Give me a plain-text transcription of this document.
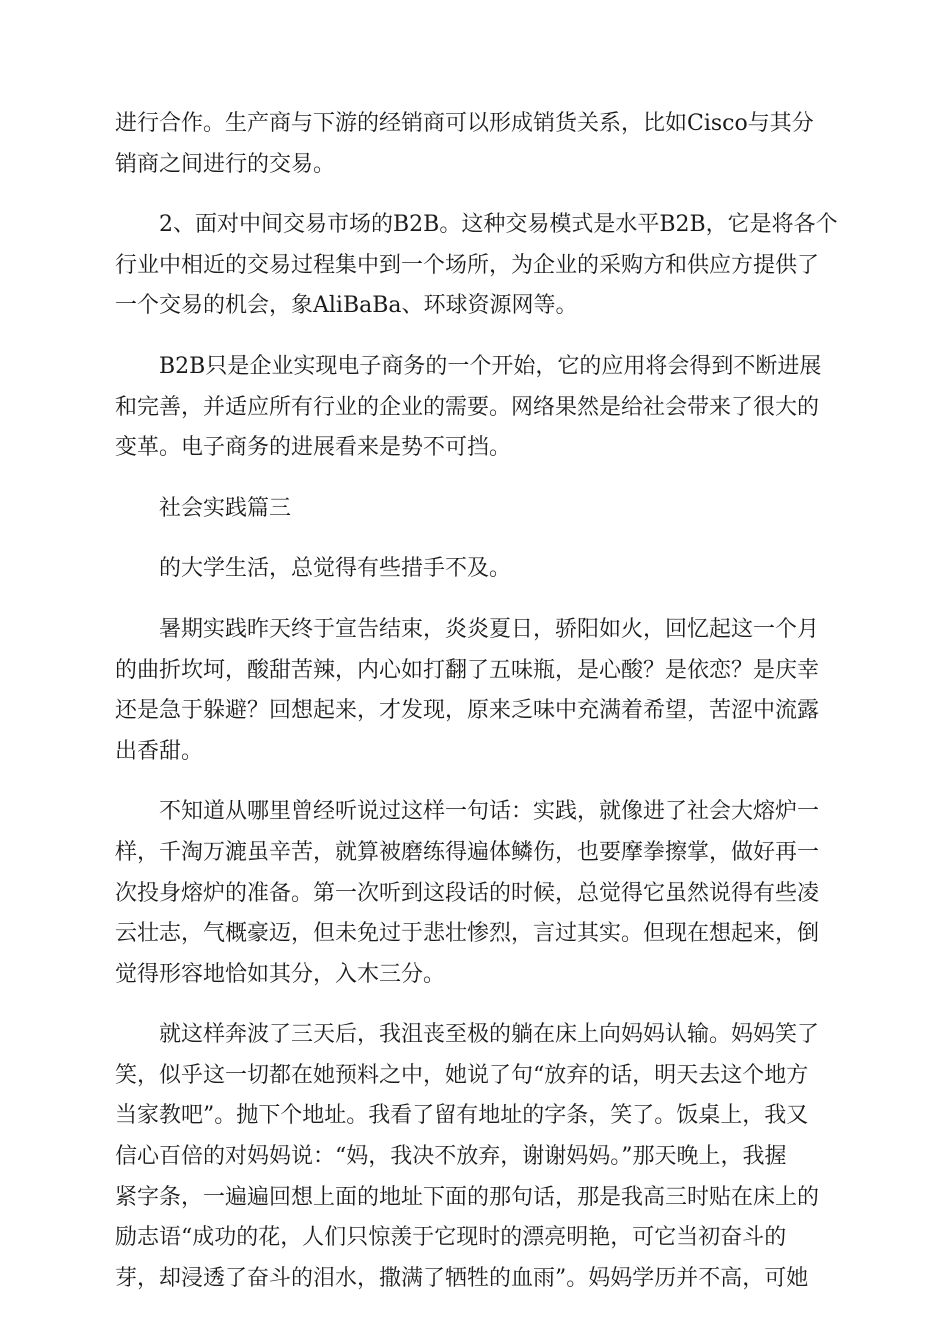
进行合作。生产商与下游的经销商可以形成销货关系，比如Cisco与其分
销商之间进行的交易。
2、面对中间交易市场的B2B。这种交易模式是水平B2B，它是将各个
行业中相近的交易过程集中到一个场所，为企业的采购方和供应方提供了
一个交易的机会，象AliBaBa、环球资源网等。
B2B只是企业实现电子商务的一个开始，它的应用将会得到不断进展
和完善，并适应所有行业的企业的需要。网络果然是给社会带来了很大的
变革。电子商务的进展看来是势不可挡。
社会实践篇三
的大学生活，总觉得有些措手不及。
暑期实践昨天终于宣告结束，炎炎夏日，骄阳如火，回忆起这一个月
的曲折坎坷，酸甜苦辣，内心如打翻了五味瓶，是心酸？是依恋？是庆幸
还是急于躲避？回想起来，才发现，原来乏味中充满着希望，苦涩中流露
出香甜。
不知道从哪里曾经听说过这样一句话：实践，就像进了社会大熔炉一
样，千淘万漉虽辛苦，就算被磨练得遍体鳞伤，也要摩拳擦掌，做好再一
次投身熔炉的准备。第一次听到这段话的时候，总觉得它虽然说得有些凌
云壮志，气概豪迈，但未免过于悲壮惨烈，言过其实。但现在想起来，倒
觉得形容地恰如其分，入木三分。
就这样奔波了三天后，我沮丧至极的躺在床上向妈妈认输。妈妈笑了
笑，似乎这一切都在她预料之中，她说了句“放弃的话，明天去这个地方
当家教吧”。抛下个地址。我看了留有地址的字条，笑了。饭桌上，我又
信心百倍的对妈妈说：“妈，我决不放弃，谢谢妈妈。”那天晚上，我握
紧字条，一遍遍回想上面的地址下面的那句话，那是我高三时贴在床上的
励志语“成功的花，人们只惊羡于它现时的漂亮明艳，可它当初奋斗的
芽，却浸透了奋斗的泪水，撒满了牺牲的血雨”。妈妈学历并不高，可她
